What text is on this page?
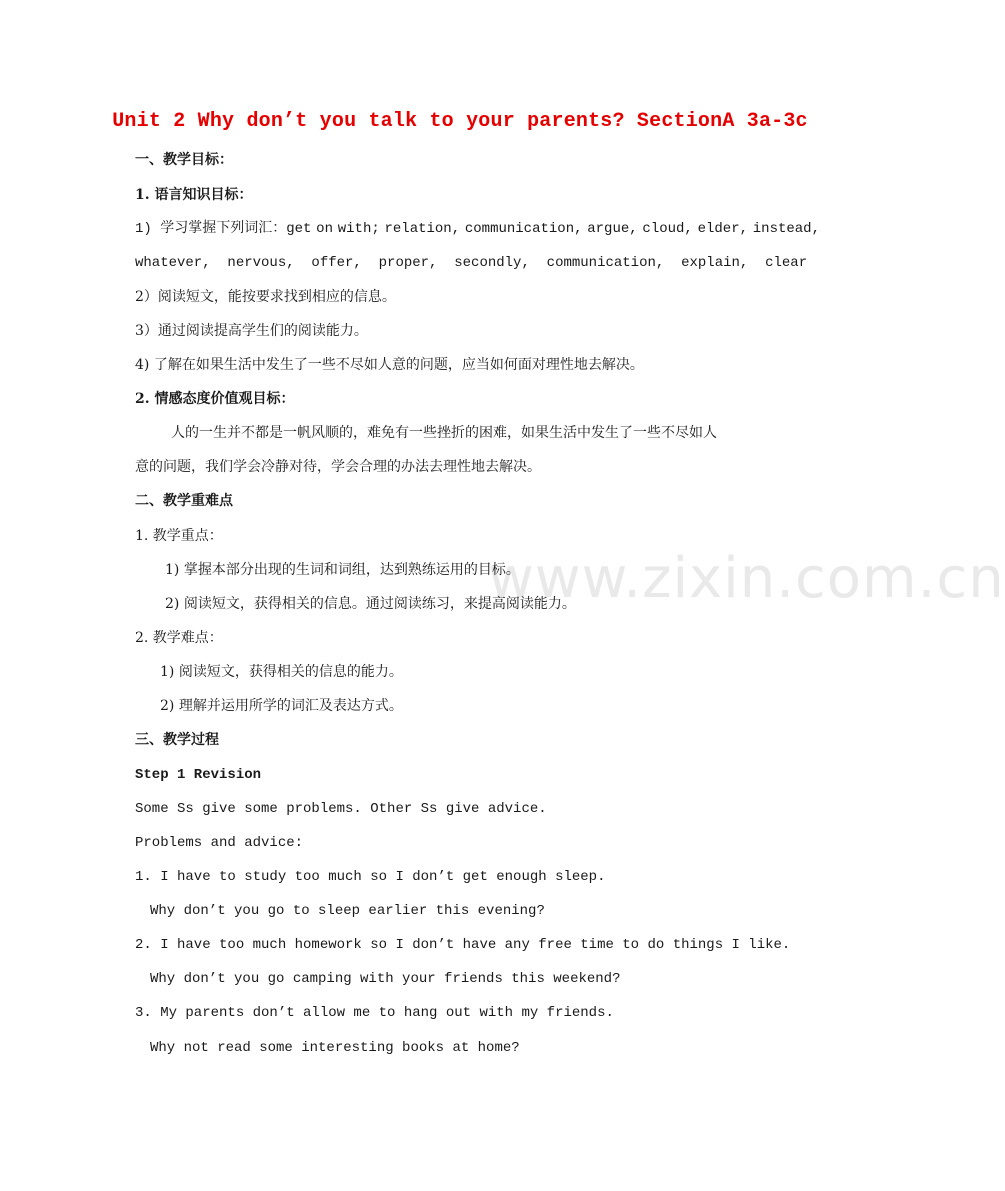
www.zixin.com.cn
Unit 2 Why don’t you talk to your parents? SectionA 3a-3c
一、教学目标：
1. 语言知识目标：
1) 学习掌握下列词汇：get on with; relation, communication, argue, cloud, elder, instead,
whatever,  nervous,  offer,  proper,  secondly,  communication,  explain,  clear
2）阅读短文，能按要求找到相应的信息。
3）通过阅读提高学生们的阅读能力。
4) 了解在如果生活中发生了一些不尽如人意的问题，应当如何面对理性地去解决。
2. 情感态度价值观目标：
人的一生并不都是一帆风顺的，难免有一些挫折的困难，如果生活中发生了一些不尽如人
意的问题，我们学会冷静对待，学会合理的办法去理性地去解决。
二、教学重难点
1. 教学重点：
1) 掌握本部分出现的生词和词组，达到熟练运用的目标。
2) 阅读短文，获得相关的信息。通过阅读练习，来提高阅读能力。
2. 教学难点：
1) 阅读短文，获得相关的信息的能力。
2) 理解并运用所学的词汇及表达方式。
三、教学过程
Step 1 Revision
Some Ss give some problems. Other Ss give advice.
Problems and advice:
1. I have to study too much so I don’t get enough sleep.
Why don’t you go to sleep earlier this evening?
2. I have too much homework so I don’t have any free time to do things I like.
Why don’t you go camping with your friends this weekend?
3. My parents don’t allow me to hang out with my friends.
Why not read some interesting books at home?
